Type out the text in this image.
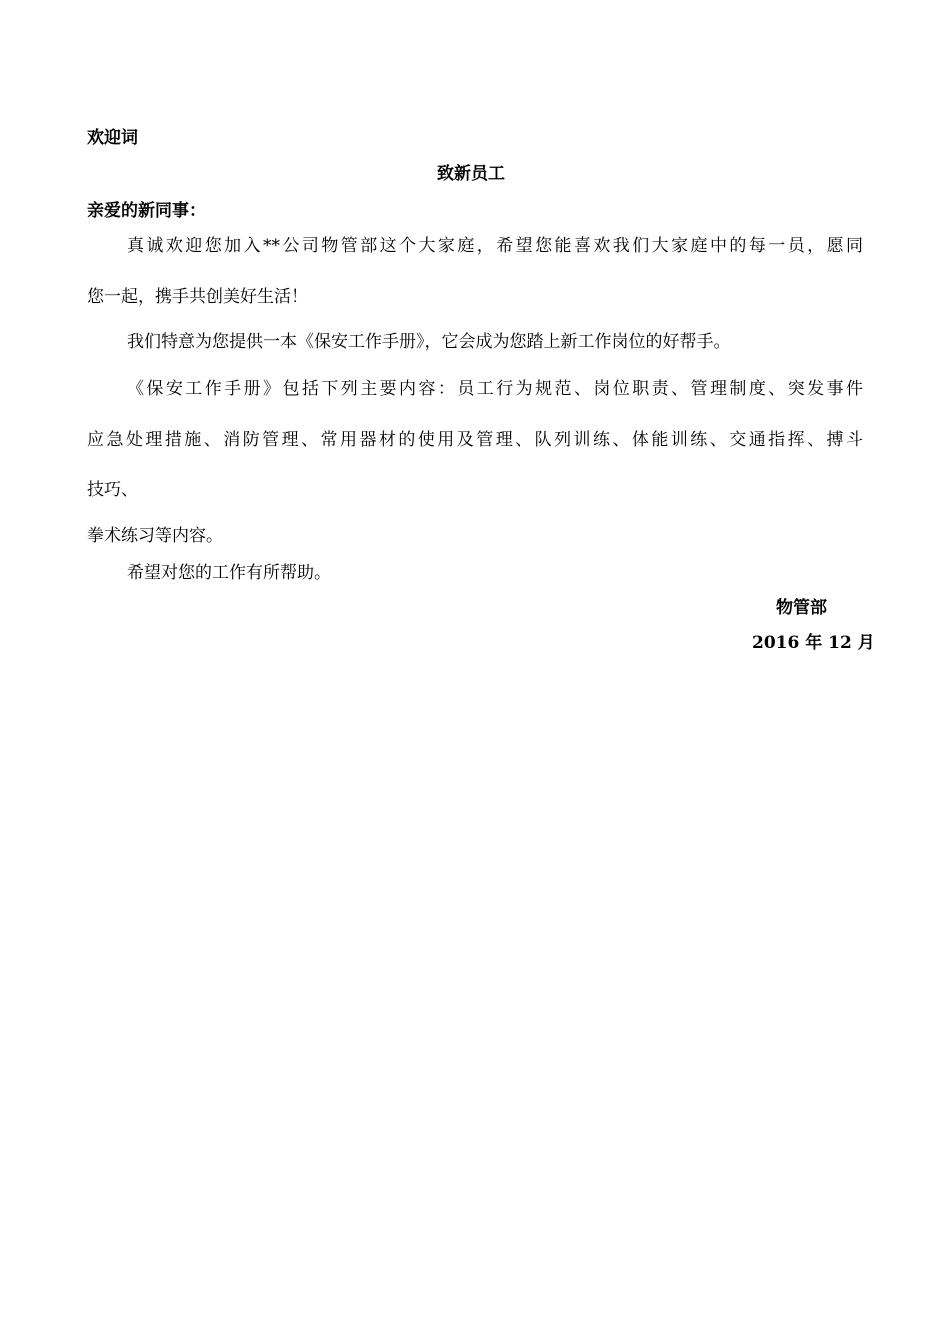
欢迎词
致新员工
亲爱的新同事：
真诚欢迎您加入**公司物管部这个大家庭，希望您能喜欢我们大家庭中的每一员，愿同
您一起，携手共创美好生活！
我们特意为您提供一本《保安工作手册》，它会成为您踏上新工作岗位的好帮手。
《保安工作手册》包括下列主要内容：员工行为规范、岗位职责、管理制度、突发事件
应急处理措施、消防管理、常用器材的使用及管理、队列训练、体能训练、交通指挥、搏斗
技巧、
拳术练习等内容。
希望对您的工作有所帮助。
物管部
2016 年 12 月
